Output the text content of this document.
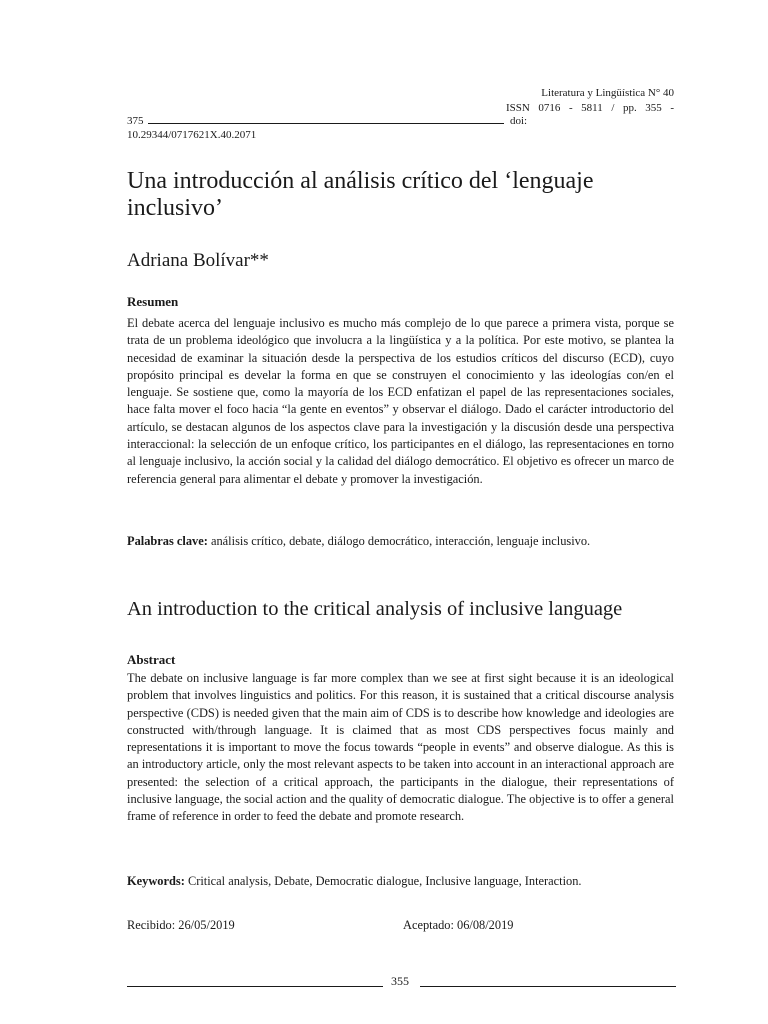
Literatura y Lingüística N° 40
ISSN 0716 - 5811 / pp. 355 -
375	doi:
10.29344/0717621X.40.2071
Una introducción al análisis crítico del ‘lenguaje inclusivo’
Adriana Bolívar**
Resumen

El debate acerca del lenguaje inclusivo es mucho más complejo de lo que parece a primera vista, porque se trata de un problema ideológico que involucra a la lingüística y a la política. Por este motivo, se plantea la necesidad de examinar la situación desde la perspectiva de los estudios críticos del discurso (ECD), cuyo propósito principal es develar la forma en que se construyen el conocimiento y las ideologías con/en el lenguaje. Se sostiene que, como la mayoría de los ECD enfatizan el papel de las representaciones sociales, hace falta mover el foco hacia “la gente en eventos” y observar el diálogo. Dado el carácter introductorio del artículo, se destacan algunos de los aspectos clave para la investigación y la discusión desde una perspectiva interaccional: la selección de un enfoque crítico, los participantes en el diálogo, las representaciones en torno al lenguaje inclusivo, la acción social y la calidad del diálogo democrático. El objetivo es ofrecer un marco de referencia general para alimentar el debate y promover la investigación.

Palabras clave: análisis crítico, debate, diálogo democrático, interacción, lenguaje inclusivo.
An introduction to the critical analysis of inclusive language
Abstract

The debate on inclusive language is far more complex than we see at first sight because it is an ideological problem that involves linguistics and politics. For this reason, it is sustained that a critical discourse analysis perspective (CDS) is needed given that the main aim of CDS is to describe how knowledge and ideologies are constructed with/through language. It is claimed that as most CDS perspectives focus mainly and representations it is important to move the focus towards “people in events” and observe dialogue. As this is an introductory article, only the most relevant aspects to be taken into account in an interactional approach are presented: the selection of a critical approach, the participants in the dialogue, their representations of inclusive language, the social action and the quality of democratic dialogue. The objective is to offer a general frame of reference in order to feed the debate and promote research.

Keywords: Critical analysis, Debate, Democratic dialogue, Inclusive language, Interaction.
Recibido: 26/05/2019	Aceptado: 06/08/2019
355
